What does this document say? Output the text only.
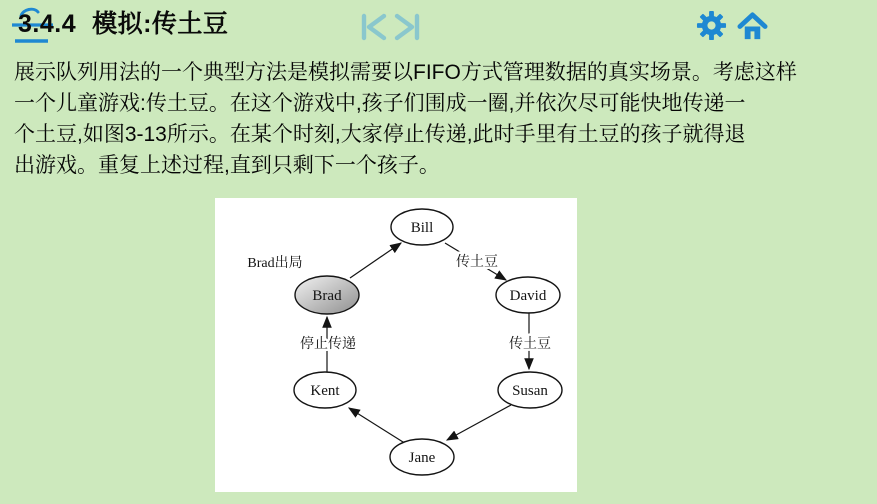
3.4.4 模拟:传土豆
展示队列用法的一个典型方法是模拟需要以FIFO方式管理数据的真实场景。考虑这样
一个儿童游戏:传土豆。在这个游戏中,孩子们围成一圈,并依次尽可能快地传递一
个土豆,如图3-13所示。在某个时刻,大家停止传递,此时手里有土豆的孩子就得退
出游戏。重复上述过程,直到只剩下一个孩子。
Bill
Brad	David
Kent	Susan
Jane
Brad出局	传土豆
传土豆
停止传递
